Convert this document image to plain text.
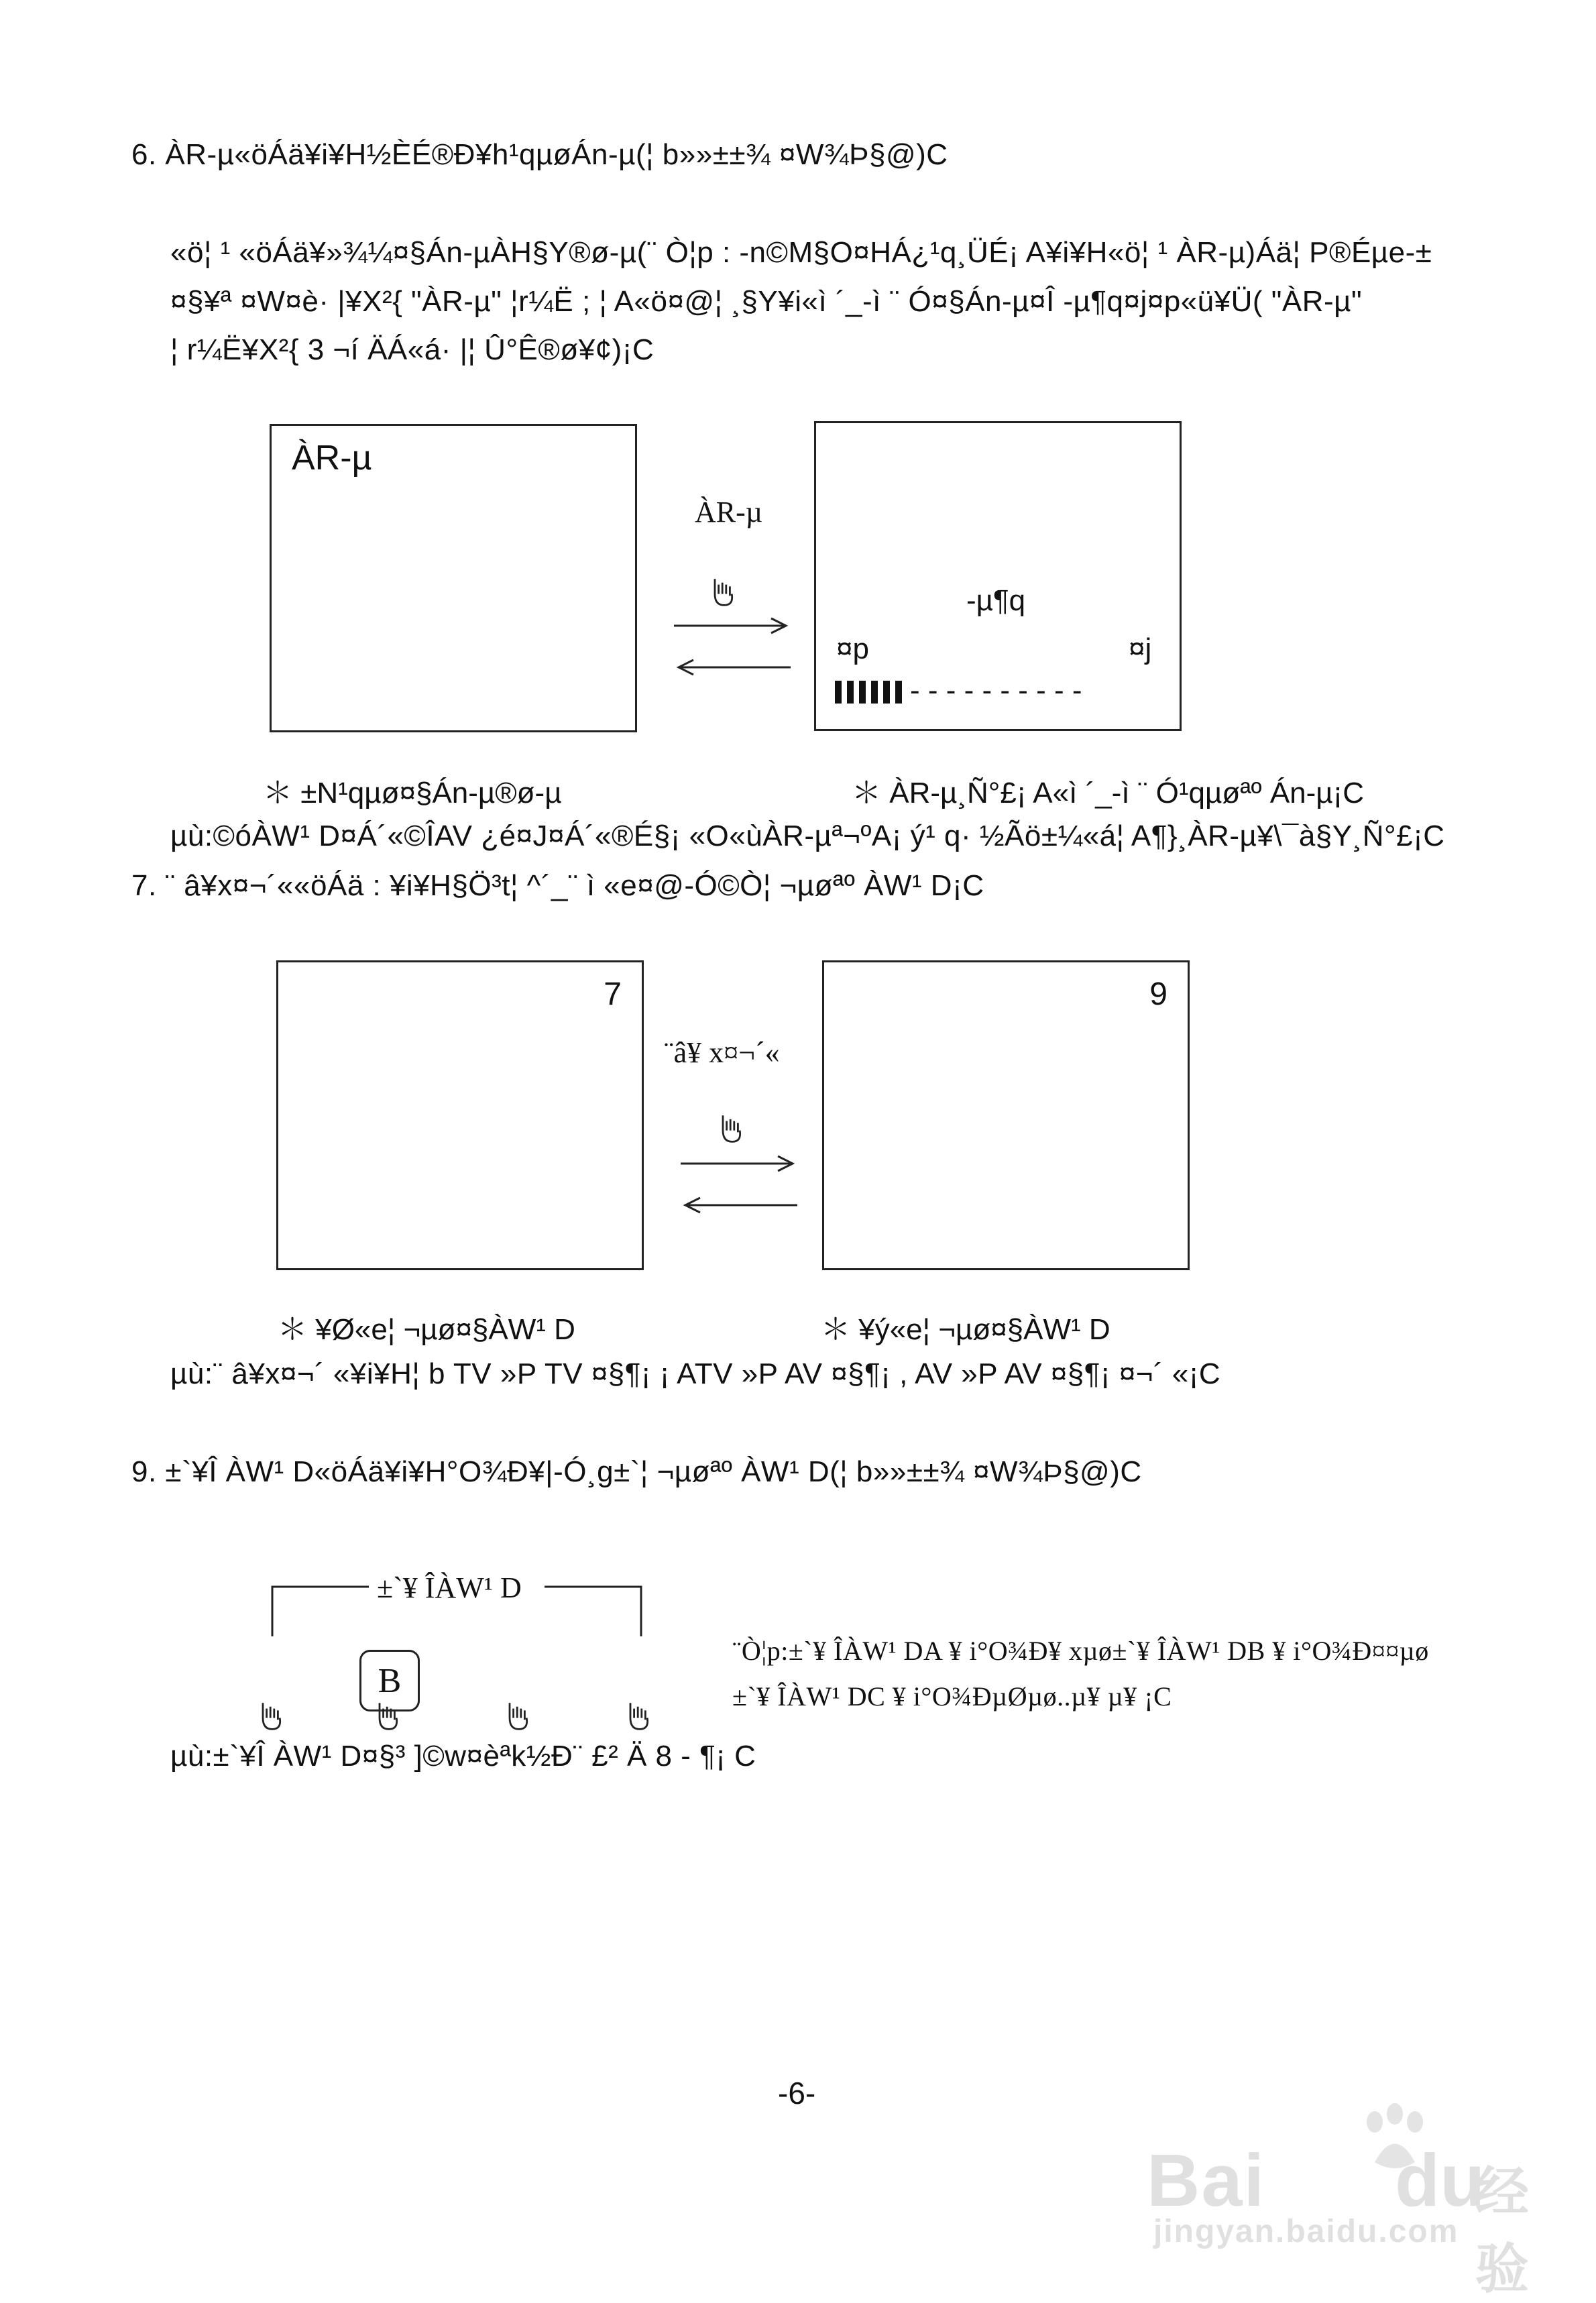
6. ÀR-µ«öÁä¥i¥H½ÈÉ®Ð¥h¹qµøÁn-µ(¦ b»»±±¾ ¤W¾Þ§@)C
«ö¦ ¹ «öÁä¥»¾¼¤§Án-µÀH§Y®ø-µ(¨ Ò¦p : -n©M§O¤HÁ¿¹q¸ÜÉ¡ A¥i¥H«ö¦ ¹ ÀR-µ)Áä¦ P®Éµe-±
¤§¥ª ¤W¤è· |¥X²{ "ÀR-µ" ¦r¼Ë ; ¦ A«ö¤@¦ ¸§Y¥i«ì ´_-ì ¨ Ó¤§Án-µ¤Î -µ¶q¤j¤p«ü¥Ü( "ÀR-µ"
¦ r¼Ë¥X²{ 3 ¬í ÄÁ«á· |¦ Û°Ê®ø¥¢)¡C
ÀR-µ
ÀR-µ
-µ¶q
¤p	¤j
- - - - - - - - - -
＊ ±N¹qµø¤§Án-µ®ø-µ	＊ ÀR-µ¸Ñ°£¡ A«ì ´_-ì ¨ Ó¹qµøªº Án-µ¡C
µù:©óÀW¹ D¤Á´«©ÎAV ¿é¤J¤Á´«®É§¡ «O«ùÀR-µª¬ºA¡ ý¹ q· ½Ãö±¼«á¦ A¶}¸ÀR-µ¥\¯à§Y¸Ñ°£¡C
7. ¨ â¥x¤¬´««öÁä : ¥i¥H§Ö³t¦ ^´_¨ ì «e¤@-Ó©Ò¦ ¬µøªº ÀW¹ D¡C
7
¨â¥ x¤¬´«
9
＊ ¥Ø«e¦ ¬µø¤§ÀW¹ D	＊ ¥ý«e¦ ¬µø¤§ÀW¹ D
µù:¨ â¥x¤¬´ «¥i¥H¦ b TV »P TV ¤§¶¡ ¡ ATV »P AV ¤§¶¡ , AV »P AV ¤§¶¡ ¤¬´ «¡C
9. ±`¥Î ÀW¹ D«öÁä¥i¥H°O¾Ð¥|-Ó¸g±`¦ ¬µøªº ÀW¹ D(¦ b»»±±¾ ¤W¾Þ§@)C
±`¥ ÎÀW¹ D
B
¨Ò¦p:±`¥ ÎÀW¹ DA ¥ i°O¾Ð¥ xµø±`¥ ÎÀW¹ DB ¥ i°O¾Ð¤¤µø
±`¥ ÎÀW¹ DC ¥ i°O¾ÐµØµø..µ¥ µ¥ ¡C
µù:±`¥Î ÀW¹ D¤§³ ]©w¤èªk½Ð¨ £² Ä 8 - ¶¡ C
-6-
Bai du
经验
jingyan.baidu.com
